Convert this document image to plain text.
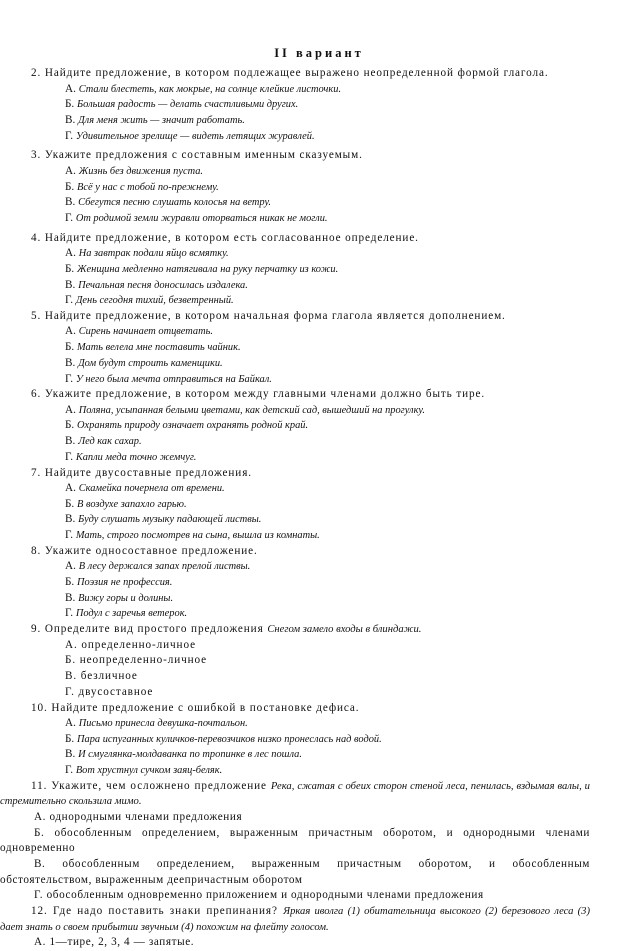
II вариант

2. Найдите предложение, в котором подлежащее выражено неопределенной формой глагола.

А. Стали блестеть, как мокрые, на солнце клейкие листочки.

Б. Большая радость — делать счастливыми других.

В. Для меня жить — значит работать.

Г. Удивительное зрелище — видеть летящих журавлей.

3. Укажите предложения с составным именным сказуемым.

А. Жизнь без движения пуста.

Б. Всё у нас с тобой по-прежнему.

В. Сбегутся песню слушать колосья на ветру.

Г. От родимой земли журавли оторваться никак не могли.

4. Найдите предложение, в котором есть согласованное определение.

А. На завтрак подали яйцо всмятку.

Б. Женщина медленно натягивала на руку перчатку из кожи.

В. Печальная песня доносилась издалека.

Г. День сегодня тихий, безветренный.

5. Найдите предложение, в котором начальная форма глагола является дополнением.

А. Сирень начинает отцветать.

Б. Мать велела мне поставить чайник.

В. Дом будут строить каменщики.

Г. У него была мечта отправиться на Байкал.

6. Укажите предложение, в котором между главными членами должно быть тире.

А. Поляна, усыпанная белыми цветами, как детский сад, вышедший на прогулку.

Б. Охранять природу означает охранять родной край.

В. Лед как сахар.

Г. Капли меда точно жемчуг.

7. Найдите двусоставные предложения.

А. Скамейка почернела от времени.

Б. В воздухе запахло гарью.

В. Буду слушать музыку падающей листвы.

Г. Мать, строго посмотрев на сына, вышла из комнаты.

8. Укажите односоставное предложение.

А. В лесу держался запах прелой листвы.

Б. Поэзия не профессия.

В. Вижу горы и долины.

Г. Подул с заречья ветерок.

9. Определите вид простого предложения Снегом замело входы в блиндажи.

А. определенно-личное

Б. неопределенно-личное

В. безличное

Г. двусоставное

10. Найдите предложение с ошибкой в постановке дефиса.

А. Письмо принесла девушка-почтальон.

Б. Пара испуганных куличков-перевозчиков низко пронеслась над водой.

В. И смуглянка-молдаванка по тропинке в лес пошла.

Г. Вот хрустнул сучком заяц-беляк.

11. Укажите, чем осложнено предложение Река, сжатая с обеих сторон стеной леса, пенилась, вздымая валы, и стремительно скользила мимо.

А. однородными членами предложения

Б. обособленным определением, выраженным причастным оборотом, и однородными членами одновременно

В. обособленным определением, выраженным причастным оборотом, и обособленным обстоятельством, выраженным деепричастным оборотом

Г. обособленным одновременно приложением и однородными членами предложения

12. Где надо поставить знаки препинания? Яркая иволга (1) обитательница высокого (2) березового леса (3) дает знать о своем прибытии звучным (4) похожим на флейту голосом.

А. 1—тире, 2, 3, 4 — запятые.
